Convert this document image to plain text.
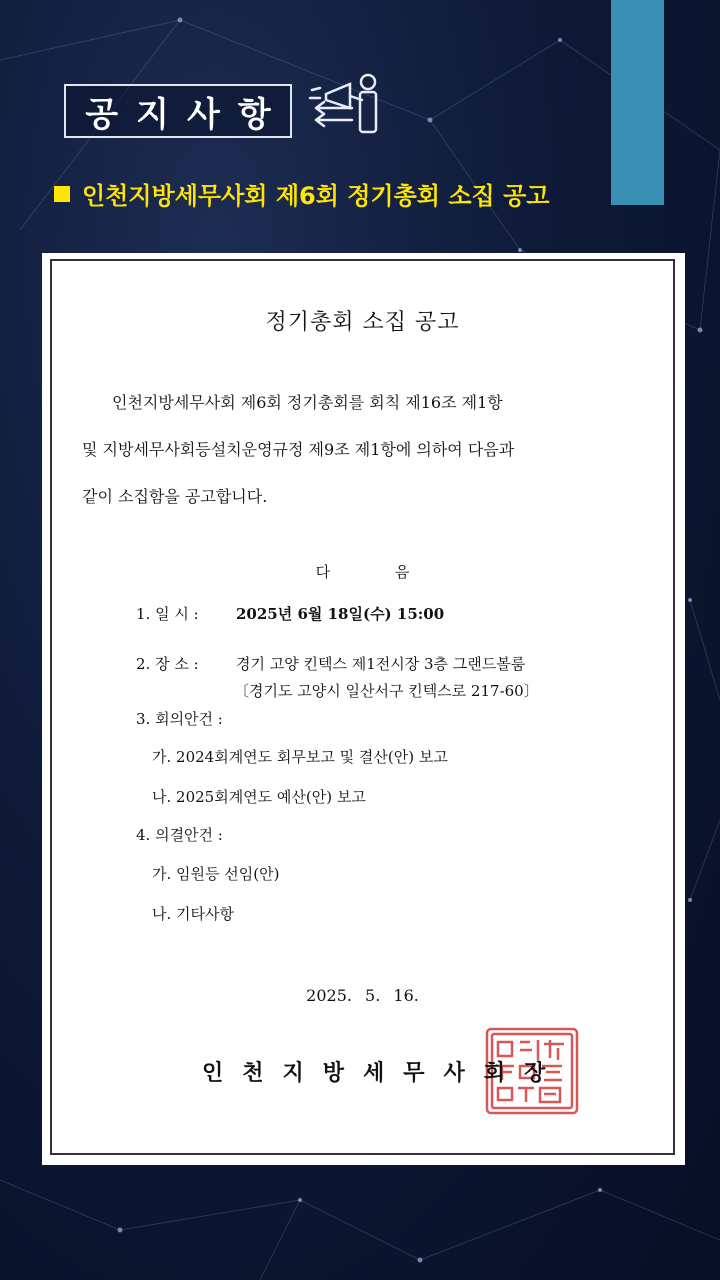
공지사항
인천지방세무사회 제6회 정기총회 소집 공고
정기총회 소집 공고

인천지방세무사회 제6회 정기총회를 회칙 제16조 제1항

및 지방세무사회등설치운영규정 제9조 제1항에 의하여 다음과

같이 소집함을 공고합니다.

다 음
1. 일 시 : 2025년 6월 18일(수) 15:00
2. 장 소 : 경기 고양 킨텍스 제1전시장 3층 그랜드볼룸
〔경기도 고양시 일산서구 킨텍스로 217-60〕
3. 회의안건 :
가. 2024회계연도 회무보고 및 결산(안) 보고
나. 2025회계연도 예산(안) 보고
4. 의결안건 :
가. 임원등 선임(안)
나. 기타사항
2025. 5. 16.
인천지방세무사회장
